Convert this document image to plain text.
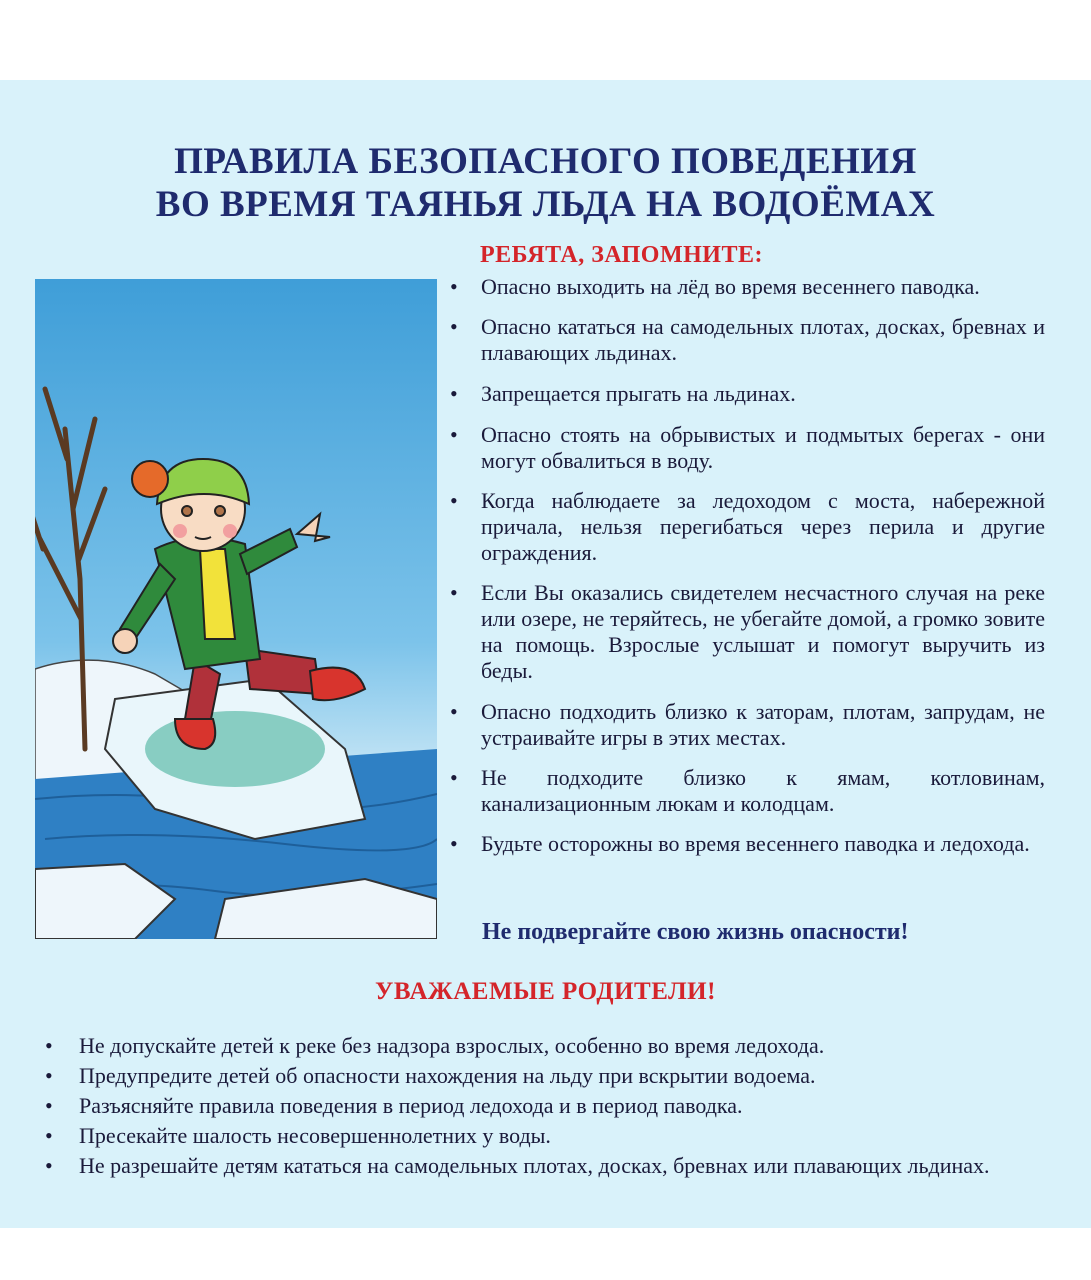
ПРАВИЛА БЕЗОПАСНОГО ПОВЕДЕНИЯ
ВО ВРЕМЯ ТАЯНЬЯ ЛЬДА НА ВОДОЁМАХ
РЕБЯТА, ЗАПОМНИТЕ:
• Опасно выходить на лёд во время весеннего паводка.
• Опасно кататься на самодельных плотах, досках, бревнах и плавающих льдинах.
• Запрещается прыгать на льдинах.
• Опасно стоять на обрывистых и подмытых берегах - они могут обвалиться в воду.
• Когда наблюдаете за ледоходом с моста, набережной причала, нельзя перегибаться через перила и другие ограждения.
• Если Вы оказались свидетелем несчастного случая на реке или озере, не теряйтесь, не убегайте домой, а громко зовите на помощь. Взрослые услышат и помогут выручить из беды.
• Опасно подходить близко к заторам, плотам, запрудам, не устраивайте игры в этих местах.
• Не подходите близко к ямам, котловинам, канализационным люкам и колодцам.
• Будьте осторожны во время весеннего паводка и ледохода.
Не подвергайте свою жизнь опасности!
УВАЖАЕМЫЕ РОДИТЕЛИ!
• Не допускайте детей к реке без надзора взрослых, особенно во время ледохода.
• Предупредите детей об опасности нахождения на льду при вскрытии водоема.
• Разъясняйте правила поведения в период ледохода и в период паводка.
• Пресекайте шалость несовершеннолетних у воды.
• Не разрешайте детям кататься на самодельных плотах, досках, бревнах или плавающих льдинах.
